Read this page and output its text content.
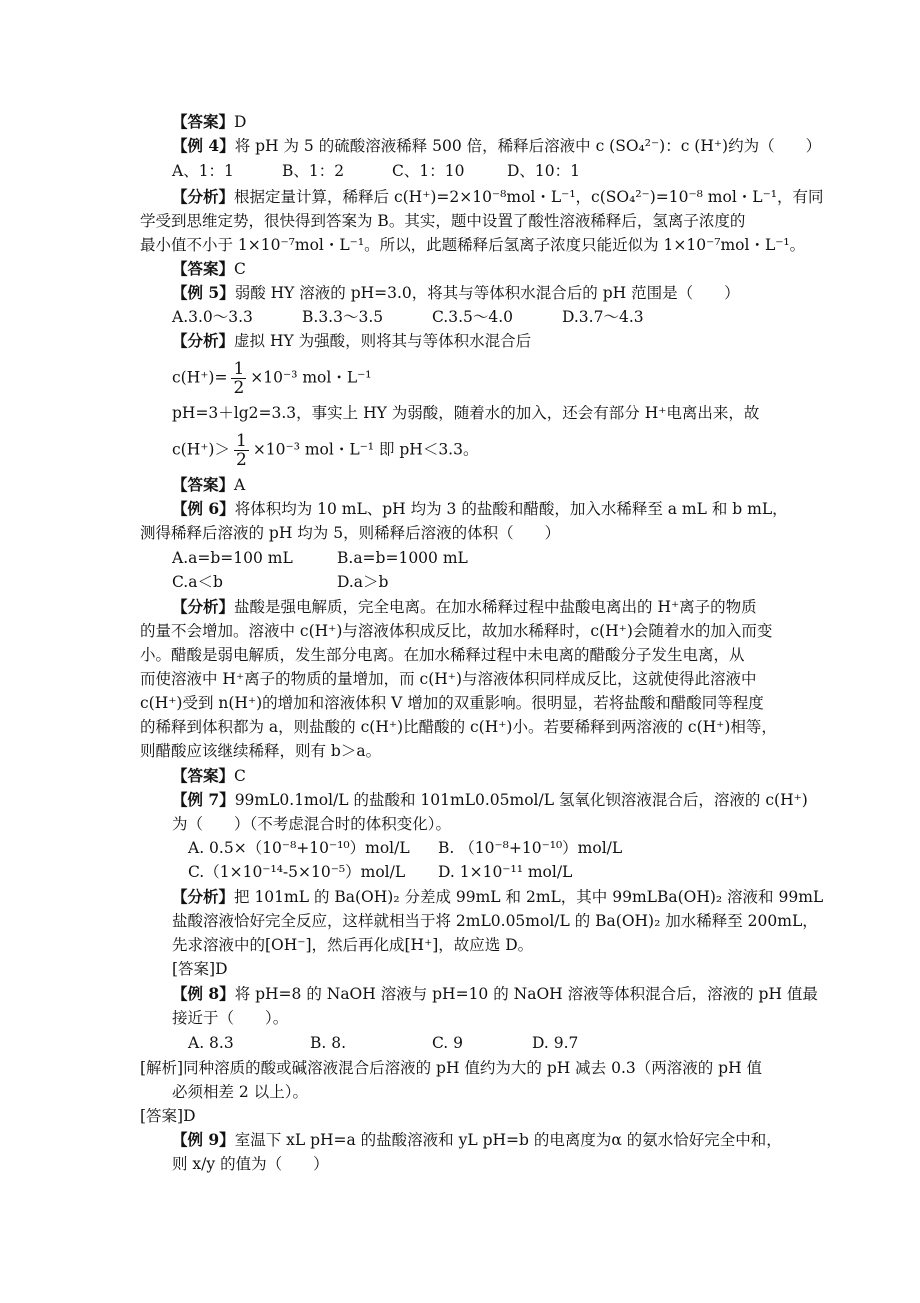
【答案】D
【例 4】将 pH 为 5 的硫酸溶液稀释 500 倍，稀释后溶液中 c (SO₄²⁻)：c (H⁺)约为（　　）
A、1：1	B、1：2	C、1：10	D、10：1
【分析】根据定量计算，稀释后 c(H⁺)=2×10⁻⁸mol・L⁻¹，c(SO₄²⁻)=10⁻⁸ mol・L⁻¹，有同
学受到思维定势，很快得到答案为 B。其实，题中设置了酸性溶液稀释后，氢离子浓度的
最小值不小于 1×10⁻⁷mol・L⁻¹。所以，此题稀释后氢离子浓度只能近似为 1×10⁻⁷mol・L⁻¹。
【答案】C
【例 5】弱酸 HY 溶液的 pH=3.0，将其与等体积水混合后的 pH 范围是（　　）
A.3.0～3.3	B.3.3～3.5	C.3.5～4.0	D.3.7～4.3
【分析】虚拟 HY 为强酸，则将其与等体积水混合后
$c(H^+)= \frac{1}{2} \times 10^{-3}$ mol・L⁻¹
pH=3＋lg2=3.3，事实上 HY 为弱酸，随着水的加入，还会有部分 H⁺电离出来，故
$c(H^+)> \frac{1}{2} \times 10^{-3}$ mol・L⁻¹ 即 pH＜3.3。
【答案】A
【例 6】将体积均为 10 mL、pH 均为 3 的盐酸和醋酸，加入水稀释至 a mL 和 b mL，
测得稀释后溶液的 pH 均为 5，则稀释后溶液的体积（　　）
A.a=b=100 mL	B.a=b=1000 mL
C.a＜b	D.a＞b
【分析】盐酸是强电解质，完全电离。在加水稀释过程中盐酸电离出的 H⁺离子的物质
的量不会增加。溶液中 c(H⁺)与溶液体积成反比，故加水稀释时，c(H⁺)会随着水的加入而变
小。醋酸是弱电解质，发生部分电离。在加水稀释过程中未电离的醋酸分子发生电离，从
而使溶液中 H⁺离子的物质的量增加，而 c(H⁺)与溶液体积同样成反比，这就使得此溶液中
c(H⁺)受到 n(H⁺)的增加和溶液体积 V 增加的双重影响。很明显，若将盐酸和醋酸同等程度
的稀释到体积都为 a，则盐酸的 c(H⁺)比醋酸的 c(H⁺)小。若要稀释到两溶液的 c(H⁺)相等，
则醋酸应该继续稀释，则有 b＞a。
【答案】C
【例 7】99mL0.1mol/L 的盐酸和 101mL0.05mol/L 氢氧化钡溶液混合后，溶液的 c(H⁺)
为（　　）（不考虑混合时的体积变化）。
A. 0.5×（10⁻⁸+10⁻¹⁰）mol/L B. （10⁻⁸+10⁻¹⁰）mol/L
C.（1×10⁻¹⁴-5×10⁻⁵）mol/L D. 1×10⁻¹¹ mol/L
【分析】把 101mL 的 Ba(OH)₂ 分差成 99mL 和 2mL，其中 99mLBa(OH)₂ 溶液和 99mL
盐酸溶液恰好完全反应，这样就相当于将 2mL0.05mol/L 的 Ba(OH)₂ 加水稀释至 200mL，
先求溶液中的[OH⁻]，然后再化成[H⁺]，故应选 D。
[答案]D
【例 8】将 pH=8 的 NaOH 溶液与 pH=10 的 NaOH 溶液等体积混合后，溶液的 pH 值最
接近于（　　）。
A. 8.3	B. 8.	C. 9	D. 9.7
[解析]同种溶质的酸或碱溶液混合后溶液的 pH 值约为大的 pH 减去 0.3（两溶液的 pH 值
必须相差 2 以上）。
[答案]D
【例 9】室温下 xL pH=a 的盐酸溶液和 yL pH=b 的电离度为α 的氨水恰好完全中和，
则 x/y 的值为（　　）
